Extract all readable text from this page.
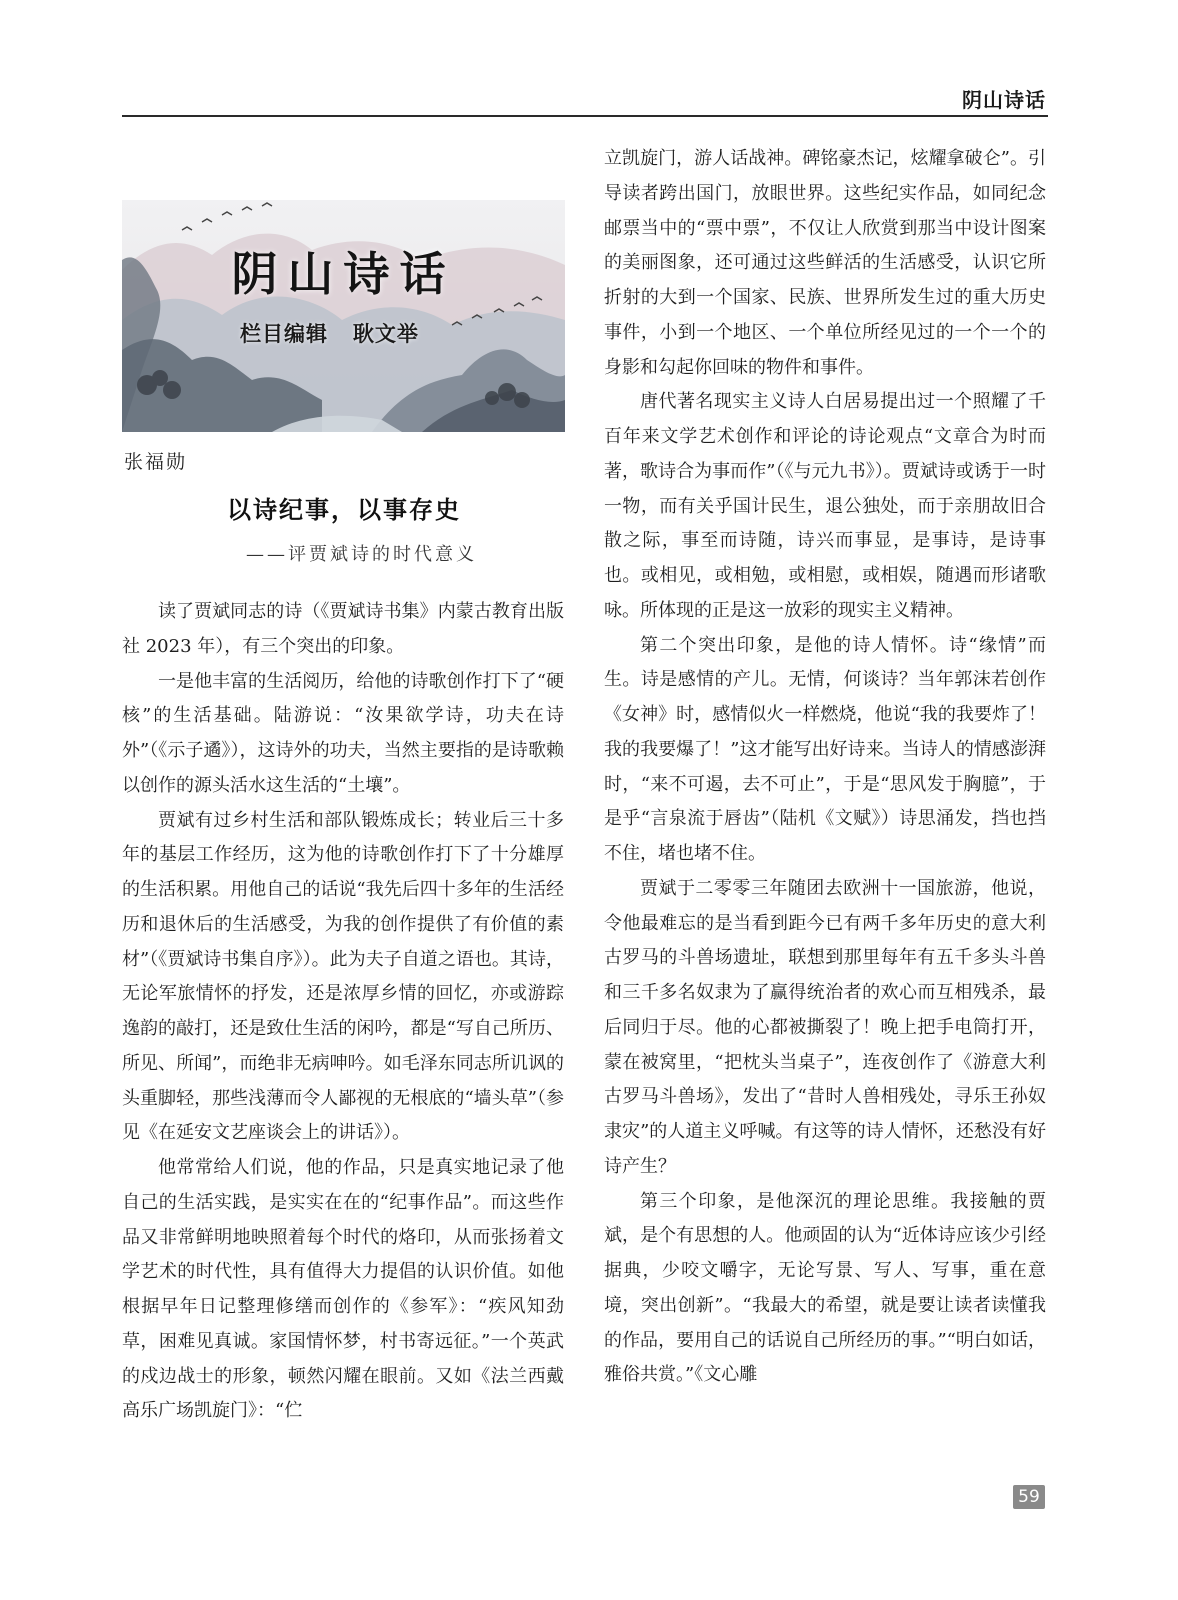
阴山诗话
阴山诗话
栏目编辑   耿文举
张福勋
以诗纪事，以事存史
——评贾斌诗的时代意义

读了贾斌同志的诗（《贾斌诗书集》内蒙古教育出版社 2023 年），有三个突出的印象。

一是他丰富的生活阅历，给他的诗歌创作打下了“硬核”的生活基础。陆游说：“汝果欲学诗，功夫在诗外”（《示子遹》），这诗外的功夫，当然主要指的是诗歌赖以创作的源头活水这生活的“土壤”。

贾斌有过乡村生活和部队锻炼成长；转业后三十多年的基层工作经历，这为他的诗歌创作打下了十分雄厚的生活积累。用他自己的话说“我先后四十多年的生活经历和退休后的生活感受，为我的创作提供了有价值的素材”（《贾斌诗书集自序》）。此为夫子自道之语也。其诗，无论军旅情怀的抒发，还是浓厚乡情的回忆，亦或游踪逸韵的敲打，还是致仕生活的闲吟，都是“写自己所历、所见、所闻”，而绝非无病呻吟。如毛泽东同志所讥讽的头重脚轻，那些浅薄而令人鄙视的无根底的“墙头草”（参见《在延安文艺座谈会上的讲话》）。

他常常给人们说，他的作品，只是真实地记录了他自己的生活实践，是实实在在的“纪事作品”。而这些作品又非常鲜明地映照着每个时代的烙印，从而张扬着文学艺术的时代性，具有值得大力提倡的认识价值。如他根据早年日记整理修缮而创作的《参军》：“疾风知劲草，困难见真诚。家国情怀梦，村书寄远征。”一个英武的戍边战士的形象，顿然闪耀在眼前。又如《法兰西戴高乐广场凯旋门》：“伫

立凯旋门，游人话战神。碑铭豪杰记，炫耀拿破仑”。引导读者跨出国门，放眼世界。这些纪实作品，如同纪念邮票当中的“票中票”，不仅让人欣赏到那当中设计图案的美丽图象，还可通过这些鲜活的生活感受，认识它所折射的大到一个国家、民族、世界所发生过的重大历史事件，小到一个地区、一个单位所经见过的一个一个的身影和勾起你回味的物件和事件。

唐代著名现实主义诗人白居易提出过一个照耀了千百年来文学艺术创作和评论的诗论观点“文章合为时而著，歌诗合为事而作”（《与元九书》）。贾斌诗或诱于一时一物，而有关乎国计民生，退公独处，而于亲朋故旧合散之际，事至而诗随，诗兴而事显，是事诗，是诗事也。或相见，或相勉，或相慰，或相娱，随遇而形诸歌咏。所体现的正是这一放彩的现实主义精神。

第二个突出印象，是他的诗人情怀。诗“缘情”而生。诗是感情的产儿。无情，何谈诗？当年郭沫若创作《女神》时，感情似火一样燃烧，他说“我的我要炸了！我的我要爆了！”这才能写出好诗来。当诗人的情感澎湃时，“来不可遏，去不可止”，于是“思风发于胸臆”，于是乎“言泉流于唇齿”（陆机《文赋》）诗思涌发，挡也挡不住，堵也堵不住。

贾斌于二零零三年随团去欧洲十一国旅游，他说，令他最难忘的是当看到距今已有两千多年历史的意大利古罗马的斗兽场遗址，联想到那里每年有五千多头斗兽和三千多名奴隶为了赢得统治者的欢心而互相残杀，最后同归于尽。他的心都被撕裂了！晚上把手电筒打开，蒙在被窝里，“把枕头当桌子”，连夜创作了《游意大利古罗马斗兽场》，发出了“昔时人兽相残处，寻乐王孙奴隶灾”的人道主义呼喊。有这等的诗人情怀，还愁没有好诗产生？

第三个印象，是他深沉的理论思维。我接触的贾斌，是个有思想的人。他顽固的认为“近体诗应该少引经据典，少咬文嚼字，无论写景、写人、写事，重在意境，突出创新”。“我最大的希望，就是要让读者读懂我的作品，要用自己的话说自己所经历的事。”“明白如话，雅俗共赏。”《文心雕

59
